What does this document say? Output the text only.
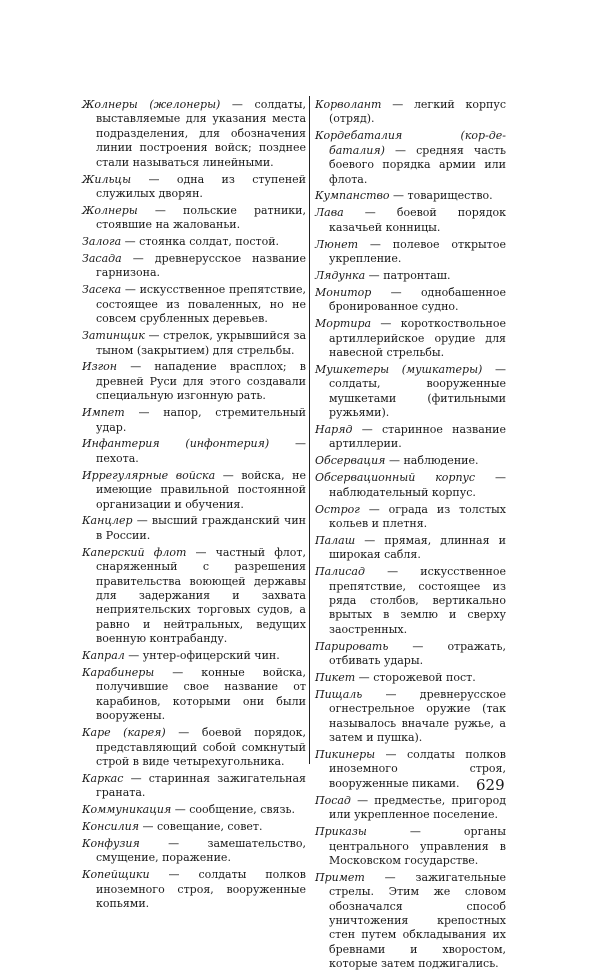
Жолнеры (желонеры) — солдаты, выставляемые для указания места подразделения, для обозначения линии построения войск; позднее стали называться линейными.

Жильцы — одна из ступеней служилых дворян.

Жолнеры — польские ратники, стоявшие на жалованьи.

Залога — стоянка солдат, постой.

Засада — древнерусское название гарнизона.

Засека — искусственное препятствие, состоящее из поваленных, но не совсем срубленных деревьев.

Затинщик — стрелок, укрывшийся за тыном (закрытием) для стрельбы.

Изгон — нападение врасплох; в древней Руси для этого создавали специальную изгонную рать.

Импет — напор, стремительный удар.

Инфантерия (инфонтерия) — пехота.

Иррегулярные войска — войска, не имеющие правильной постоянной организации и обучения.

Канцлер — высший гражданский чин в России.

Каперский флот — частный флот, снаряженный с разрешения правительства воюющей державы для задержания и захвата неприятельских торговых судов, а равно и нейтральных, ведущих военную контрабанду.

Капрал — унтер-офицерский чин.

Карабинеры — конные войска, получившие свое название от карабинов, которыми они были вооружены.

Каре (карея) — боевой порядок, представляющий собой сомкнутый строй в виде четырехугольника.

Каркас — старинная зажигательная граната.

Коммуникация — сообщение, связь.

Консилия — совещание, совет.

Конфузия — замешательство, смущение, поражение.

Копейщики — солдаты полков иноземного строя, вооруженные копьями.

Корволант — легкий корпус (отряд).

Кордебаталия (кор-де-баталия) — средняя часть боевого порядка армии или флота.

Кумпанство — товарищество.

Лава — боевой порядок казачьей конницы.

Люнет — полевое открытое укрепление.

Лядунка — патронташ.

Монитор — однобашенное бронированное судно.

Мортира — короткоствольное артиллерийское орудие для навесной стрельбы.

Мушкетеры (мушкатеры) — солдаты, вооруженные мушкетами (фитильными ружьями).

Наряд — старинное название артиллерии.

Обсервация — наблюдение.

Обсервационный корпус — наблюдательный корпус.

Острог — ограда из толстых кольев и плетня.

Палаш — прямая, длинная и широкая сабля.

Палисад — искусственное препятствие, состоящее из ряда столбов, вертикально врытых в землю и сверху заостренных.

Парировать — отражать, отбивать удары.

Пикет — сторожевой пост.

Пищаль — древнерусское огнестрельное оружие (так называлось вначале ружье, а затем и пушка).

Пикинеры — солдаты полков иноземного строя, вооруженные пиками.

Посад — предместье, пригород или укрепленное поселение.

Приказы — органы центрального управления в Московском государстве.

Примет — зажигательные стрелы. Этим же словом обозначался способ уничтожения крепостных стен путем обкладывания их бревнами и хворостом, которые затем поджигались.

629
